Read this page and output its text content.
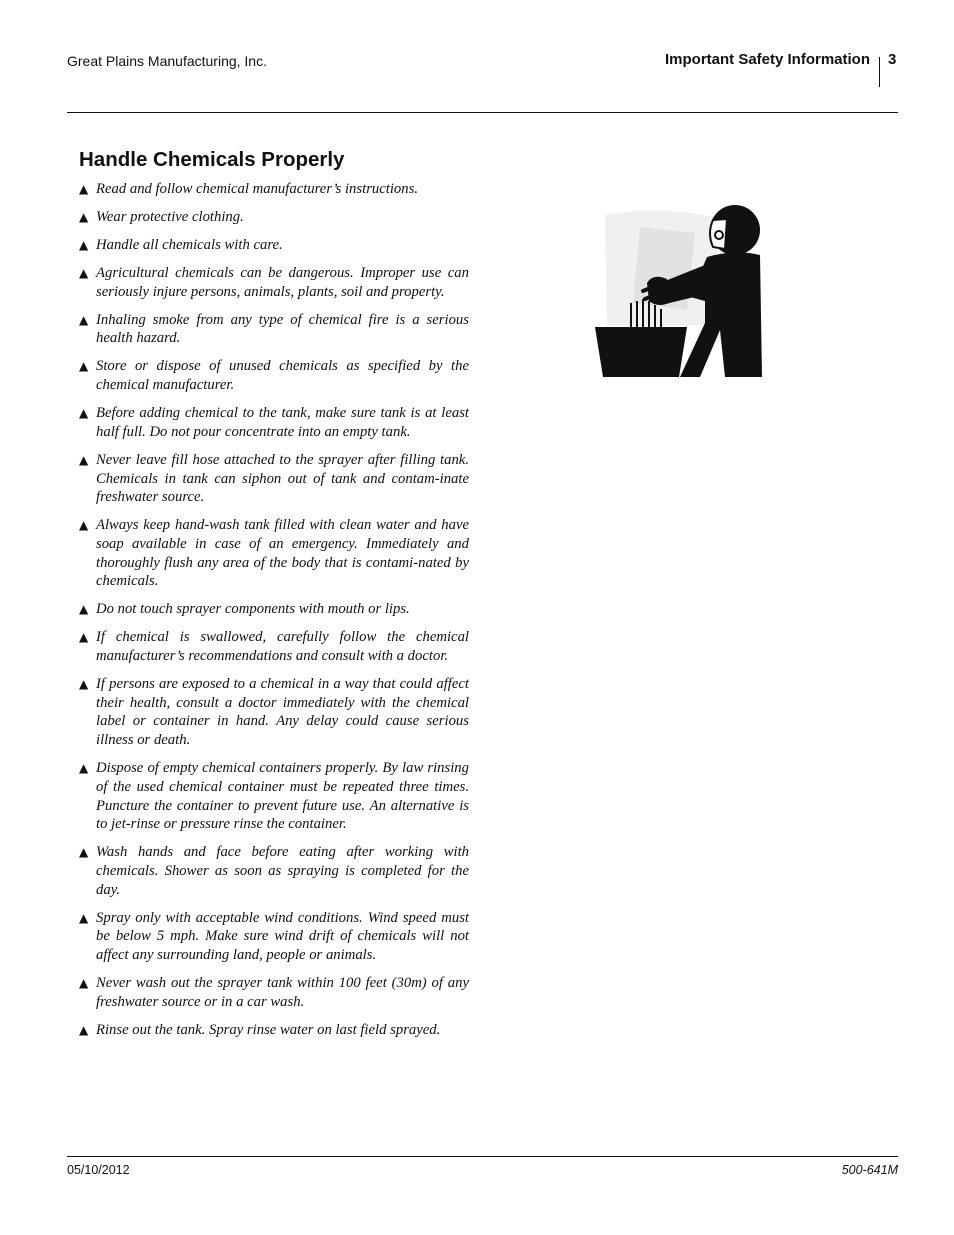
Great Plains Manufacturing, Inc.	Important Safety Information 3
Handle Chemicals Properly
▲ Read and follow chemical manufacturer’s instructions.
▲ Wear protective clothing.
▲ Handle all chemicals with care.
▲ Agricultural chemicals can be dangerous. Improper use can seriously injure persons, animals, plants, soil and property.
▲ Inhaling smoke from any type of chemical fire is a serious health hazard.
▲ Store or dispose of unused chemicals as specified by the chemical manufacturer.
▲ Before adding chemical to the tank, make sure tank is at least half full. Do not pour concentrate into an empty tank.
▲ Never leave fill hose attached to the sprayer after filling tank. Chemicals in tank can siphon out of tank and contam-inate freshwater source.
▲ Always keep hand-wash tank filled with clean water and have soap available in case of an emergency. Immediately and thoroughly flush any area of the body that is contami-nated by chemicals.
▲ Do not touch sprayer components with mouth or lips.
▲ If chemical is swallowed, carefully follow the chemical manufacturer’s recommendations and consult with a doctor.
▲ If persons are exposed to a chemical in a way that could affect their health, consult a doctor immediately with the chemical label or container in hand. Any delay could cause serious illness or death.
▲ Dispose of empty chemical containers properly. By law rinsing of the used chemical container must be repeated three times. Puncture the container to prevent future use. An alternative is to jet-rinse or pressure rinse the container.
▲ Wash hands and face before eating after working with chemicals. Shower as soon as spraying is completed for the day.
▲ Spray only with acceptable wind conditions. Wind speed must be below 5 mph. Make sure wind drift of chemicals will not affect any surrounding land, people or animals.
▲ Never wash out the sprayer tank within 100 feet (30m) of any freshwater source or in a car wash.
▲ Rinse out the tank. Spray rinse water on last field sprayed.
05/10/2012	500-641M
